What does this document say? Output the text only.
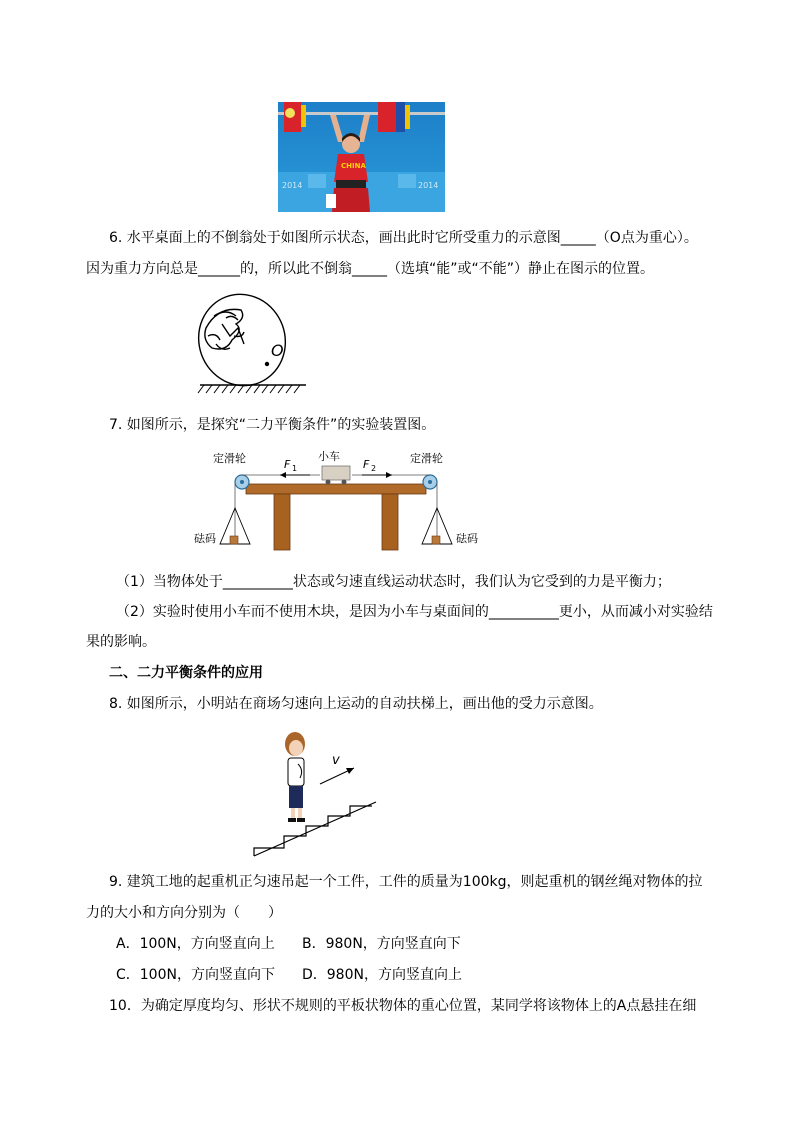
2014	2014
CHINA
6. 水平桌面上的不倒翁处于如图所示状态，画出此时它所受重力的示意图_____（O点为重心）。
因为重力方向总是______的，所以此不倒翁_____（选填“能”或“不能”）静止在图示的位置。
O
7. 如图所示，是探究“二力平衡条件”的实验装置图。
定滑轮	定滑轮
小车
F 1	F 2
砝码	砝码
（1）当物体处于__________状态或匀速直线运动状态时，我们认为它受到的力是平衡力；
（2）实验时使用小车而不使用木块，是因为小车与桌面间的__________更小，从而减小对实验结
果的影响。
二、二力平衡条件的应用
8. 如图所示，小明站在商场匀速向上运动的自动扶梯上，画出他的受力示意图。
v
9. 建筑工地的起重机正匀速吊起一个工件，工件的质量为100kg，则起重机的钢丝绳对物体的拉
力的大小和方向分别为（　　）
A．100N，方向竖直向上 B．980N，方向竖直向下
C．100N，方向竖直向下 D．980N，方向竖直向上
10．为确定厚度均匀、形状不规则的平板状物体的重心位置，某同学将该物体上的A点悬挂在细
